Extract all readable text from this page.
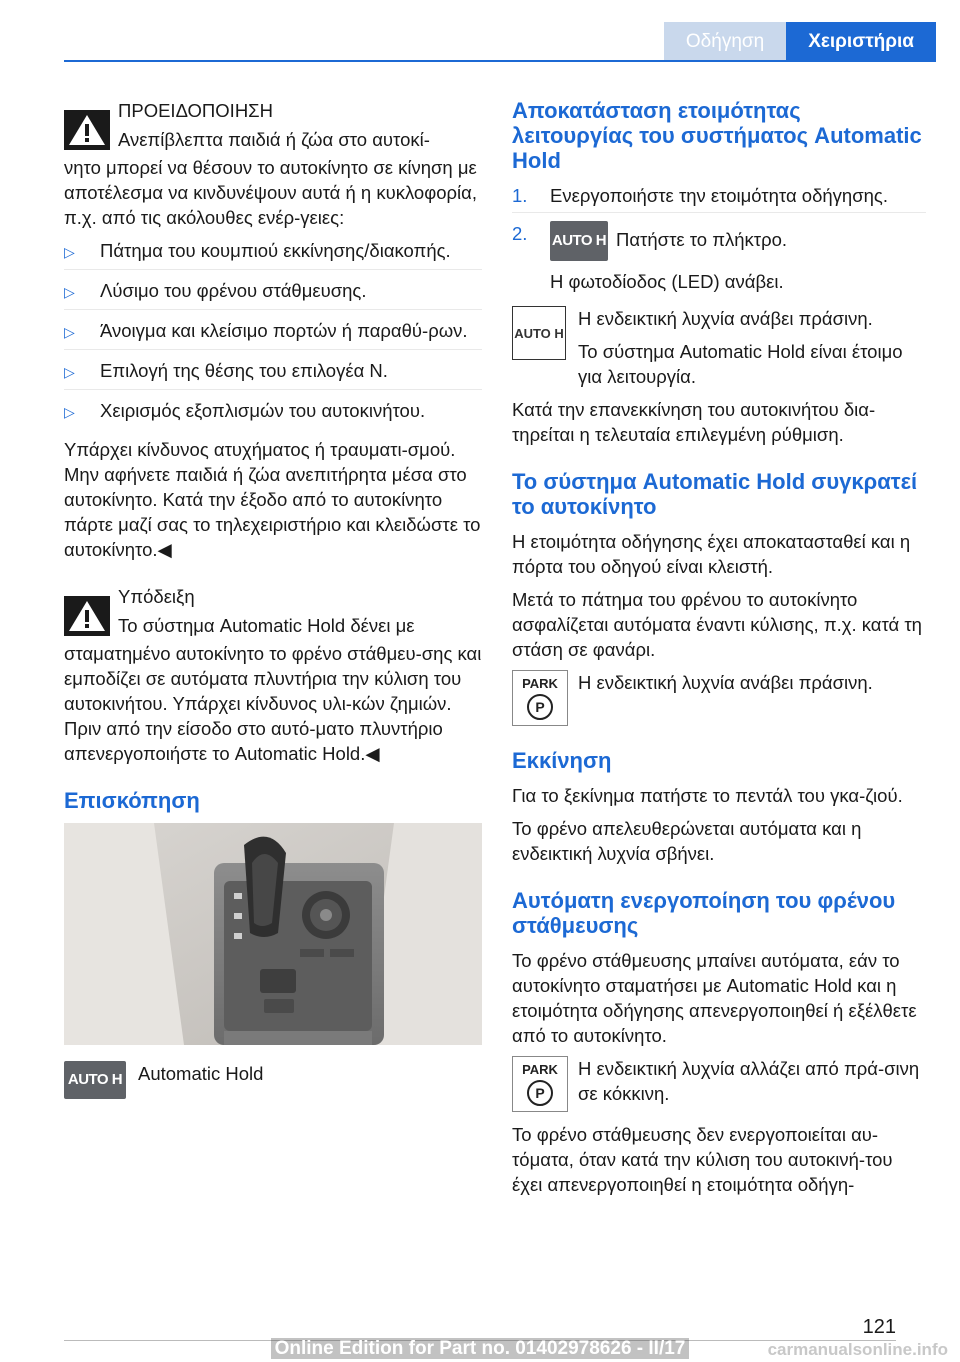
Οδήγηση	Χειριστήρια

ΠΡΟΕΙΔΟΠΟΙΗΣΗ

Ανεπίβλεπτα παιδιά ή ζώα στο αυτοκί-

νητο μπορεί να θέσουν το αυτοκίνητο σε κίνηση με αποτέλεσμα να κινδυνέψουν αυτά ή η κυκλοφορία, π.χ. από τις ακόλουθες ενέρ-γειες:

▷	Πάτημα του κουμπιού εκκίνησης/διακοπής.
▷	Λύσιμο του φρένου στάθμευσης.
▷	Άνοιγμα και κλείσιμο πορτών ή παραθύ-ρων.
▷	Επιλογή της θέσης του επιλογέα N.
▷	Χειρισμός εξοπλισμών του αυτοκινήτου.

Υπάρχει κίνδυνος ατυχήματος ή τραυματι-σμού. Μην αφήνετε παιδιά ή ζώα ανεπιτήρητα μέσα στο αυτοκίνητο. Κατά την έξοδο από το αυτοκίνητο πάρτε μαζί σας το τηλεχειριστήριο και κλειδώστε το αυτοκίνητο.◀

Υπόδειξη

Το σύστημα Automatic Hold δένει με

σταματημένο αυτοκίνητο το φρένο στάθμευ-σης και εμποδίζει σε αυτόματα πλυντήρια την κύλιση του αυτοκινήτου. Υπάρχει κίνδυνος υλι-κών ζημιών. Πριν από την είσοδο στο αυτό-ματο πλυντήριο απενεργοποιήστε το Automatic Hold.◀

Επισκόπηση
AUTO H Automatic Hold

Αποκατάσταση ετοιμότητας λειτουργίας του συστήματος Automatic Hold
1.	Ενεργοποιήστε την ετοιμότητα οδήγησης.
2.	AUTO H Πατήστε το πλήκτρο.
Η φωτοδίοδος (LED) ανάβει.
AUTO H

Η ενδεικτική λυχνία ανάβει πράσινη.

Το σύστημα Automatic Hold είναι έτοιμο για λειτουργία.

Κατά την επανεκκίνηση του αυτοκινήτου δια-τηρείται η τελευταία επιλεγμένη ρύθμιση.

Το σύστημα Automatic Hold συγκρατεί το αυτοκίνητο

Η ετοιμότητα οδήγησης έχει αποκατασταθεί και η πόρτα του οδηγού είναι κλειστή.

Μετά το πάτημα του φρένου το αυτοκίνητο ασφαλίζεται αυτόματα έναντι κύλισης, π.χ. κατά τη στάση σε φανάρι.

PARK
P

Η ενδεικτική λυχνία ανάβει πράσινη.

Εκκίνηση

Για το ξεκίνημα πατήστε το πεντάλ του γκα-ζιού.

Το φρένο απελευθερώνεται αυτόματα και η ενδεικτική λυχνία σβήνει.

Αυτόματη ενεργοποίηση του φρένου στάθμευσης

Το φρένο στάθμευσης μπαίνει αυτόματα, εάν το αυτοκίνητο σταματήσει με Automatic Hold και η ετοιμότητα οδήγησης απενεργοποιηθεί ή εξέλθετε από το αυτοκίνητο.

PARK
P

Η ενδεικτική λυχνία αλλάζει από πρά-σινη σε κόκκινη.

Το φρένο στάθμευσης δεν ενεργοποιείται αυ-τόματα, όταν κατά την κύλιση του αυτοκινή-του έχει απενεργοποιηθεί η ετοιμότητα οδήγη-

121
Online Edition for Part no. 01402978626 - II/17	carmanualsonline.info
